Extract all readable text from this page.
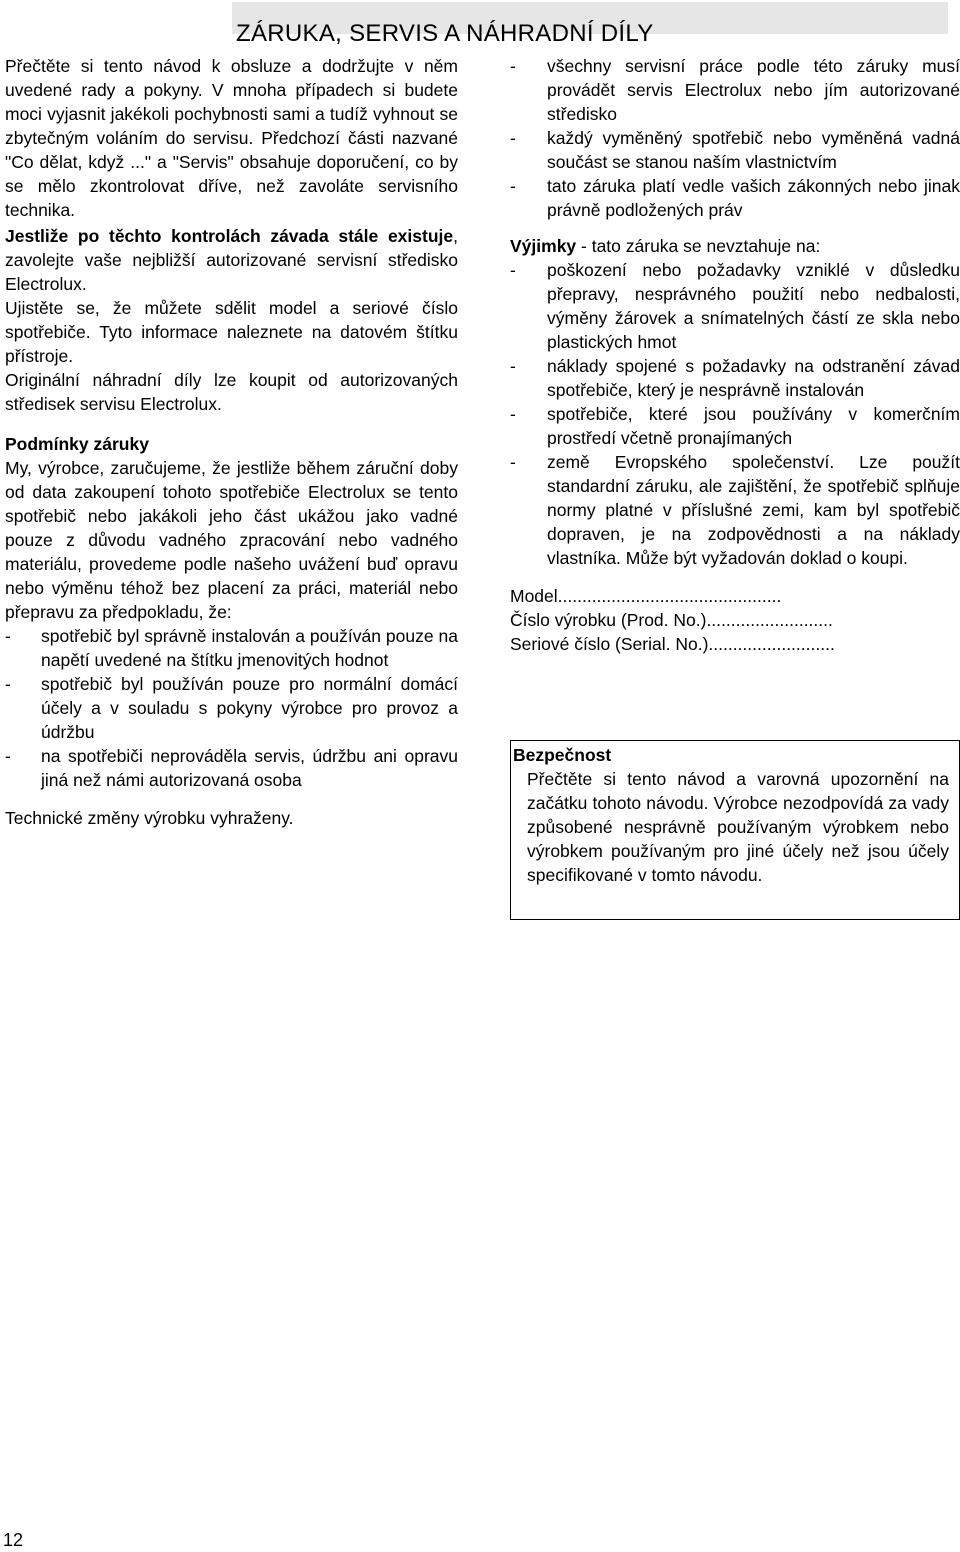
ZÁRUKA, SERVIS A NÁHRADNÍ DÍLY

Přečtěte si tento návod k obsluze a dodržujte v něm uvedené rady a pokyny. V mnoha případech si budete moci vyjasnit jakékoli pochybnosti sami a tudíž vyhnout se zbytečným voláním do servisu. Předchozí části nazvané "Co dělat, když ..." a "Servis" obsahuje doporučení, co by se mělo zkontrolovat dříve, než zavoláte servisního technika.

Jestliže po těchto kontrolách závada stále existuje, zavolejte vaše nejbližší autorizované servisní středisko Electrolux.

Ujistěte se, že můžete sdělit model a seriové číslo spotřebiče. Tyto informace naleznete na datovém štítku přístroje.

Originální náhradní díly lze koupit od autorizovaných středisek servisu Electrolux.

Podmínky záruky

My, výrobce, zaručujeme, že jestliže během záruční doby od data zakoupení tohoto spotřebiče Electrolux se tento spotřebič nebo jakákoli jeho část ukážou jako vadné pouze z důvodu vadného zpracování nebo vadného materiálu, provedeme podle našeho uvážení buď opravu nebo výměnu téhož bez placení za práci, materiál nebo přepravu za předpokladu, že:

- spotřebič byl správně instalován a používán pouze na napětí uvedené na štítku jmenovitých hodnot
- spotřebič byl používán pouze pro normální domácí účely a v souladu s pokyny výrobce pro provoz a údržbu
- na spotřebiči neprováděla servis, údržbu ani opravu jiná než námi autorizovaná osoba

Technické změny výrobku vyhraženy.

- všechny servisní práce podle této záruky musí provádět servis Electrolux nebo jím autorizované středisko
- každý vyměněný spotřebič nebo vyměněná vadná součást se stanou naším vlastnictvím
- tato záruka platí vedle vašich zákonných nebo jinak právně podložených práv

Výjimky - tato záruka se nevztahuje na:

- poškození nebo požadavky vzniklé v důsledku přepravy, nesprávného použití nebo nedbalosti, výměny žárovek a snímatelných částí ze skla nebo plastických hmot
- náklady spojené s požadavky na odstranění závad spotřebiče, který je nesprávně instalován
- spotřebiče, které jsou používány v komerčním prostředí včetně pronajímaných
- země Evropského společenství. Lze použít standardní záruku, ale zajištění, že spotřebič splňuje normy platné v příslušné zemi, kam byl spotřebič dopraven, je na zodpovědnosti a na náklady vlastníka. Může být vyžadován doklad o koupi.

Model..............................................

Číslo výrobku (Prod. No.)..........................

Seriové číslo (Serial. No.)..........................

Bezpečnost

Přečtěte si tento návod a varovná upozornění na začátku tohoto návodu. Výrobce nezodpovídá za vady způsobené nesprávně používaným výrobkem nebo výrobkem používaným pro jiné účely než jsou účely specifikované v tomto návodu.

12
